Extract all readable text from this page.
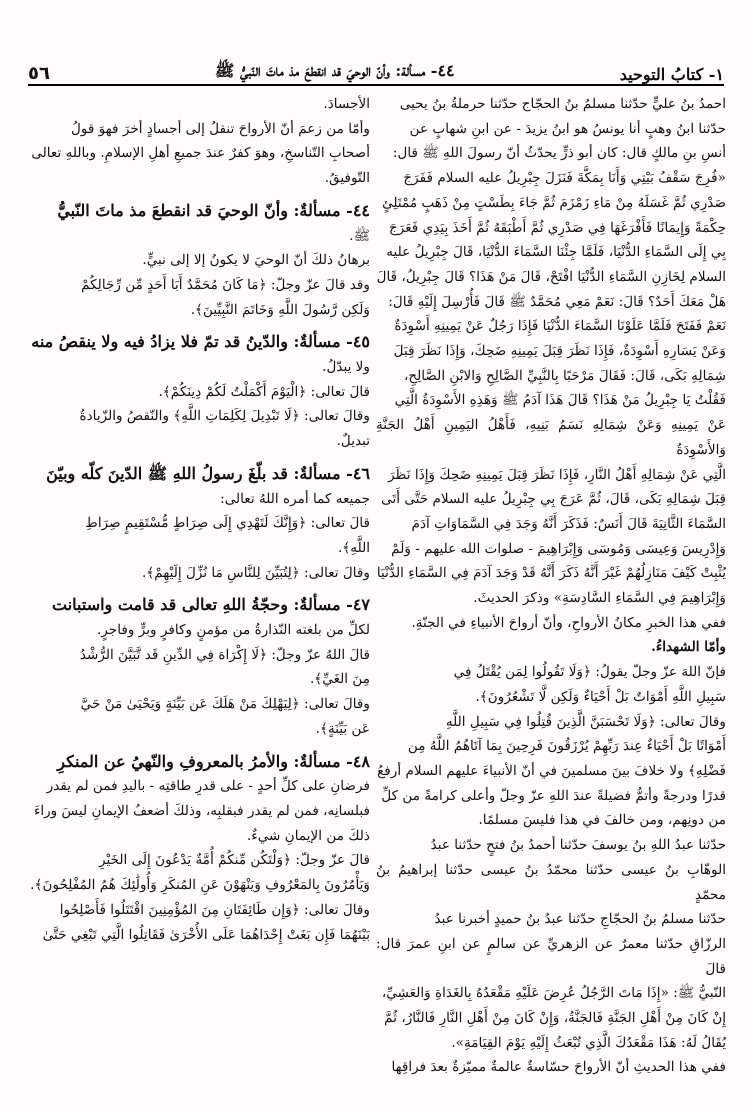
١- كتابُ التوحيد
٤٤- مسألة: وأنّ الوحيَ قد انقطعَ مذ ماتَ النّبيُّ ﷺ
٥٦

احمدُ بنُ عليٍّ حدّثنا مسلمُ بنُ الحجّاج حدّثنا حرملةُ بنُ يحيى

حدّثنا ابنُ وهبٍ أنا يونسُ هو ابنُ يزيدَ - عن ابنِ شهابٍ عن

أنسِ بنِ مالكٍ قال: كان أبو ذرٍّ يحدّثُ أنّ رسولَ اللهِ ﷺ قال:

«فُرِجَ سَقْفُ بَيْتِي وَأَنَا بِمَكَّةَ فَنَزَلَ جِبْرِيلُ عليه السلام فَفَرَجَ

صَدْرِي ثُمَّ غَسَلَهُ مِنْ مَاءِ زَمْزَمَ ثُمَّ جَاءَ بِطَسْتٍ مِنْ ذَهَبٍ مُمْتَلِئٍ

حِكْمَةً وَإِيمَانًا فَأَفْرَغَهَا فِي صَدْرِي ثُمَّ أَطْبَقَهُ ثُمَّ أَخَذَ بِيَدِي فَعَرَجَ

بِي إِلَى السَّمَاءِ الدُّنْيَا، فَلَمَّا جِئْنَا السَّمَاءَ الدُّنْيَا، قَالَ جِبْرِيلُ عليه

السلام لِخَازِنِ السَّمَاءِ الدُّنْيَا افْتَحْ، قَالَ مَنْ هَذَا؟ قَالَ جِبْرِيلُ، قَالَ

هَلْ مَعَكَ أَحَدٌ؟ قَالَ: نَعَمْ مَعِي مُحَمَّدٌ ﷺ قَالَ فَأُرْسِلَ إِلَيْهِ قَالَ:

نَعَمْ فَفَتَحَ فَلَمَّا عَلَوْنَا السَّمَاءَ الدُّنْيَا فَإِذَا رَجُلٌ عَنْ يَمِينِهِ أَسْوِدَةٌ

وَعَنْ يَسَارِهِ أَسْوِدَةٌ، فَإِذَا نَظَرَ قِبَلَ يَمِينِهِ ضَحِكَ، وَإِذَا نَظَرَ قِبَلَ

شِمَالِهِ بَكَى، قَالَ: فَقَالَ مَرْحَبًا بِالنَّبِيِّ الصَّالِحِ وَالابْنِ الصَّالِحِ،

فَقُلْتُ يَا جِبْرِيلُ مَنْ هَذَا؟ قَالَ هَذَا آدَمُ ﷺ وَهَذِهِ الأَسْوِدَةُ الَّتِي

عَنْ يَمِينِهِ وَعَنْ شِمَالِهِ نَسَمُ بَنِيهِ، فَأَهْلُ اليَمِينِ أَهْلُ الجَنَّةِ وَالأَسْوِدَةُ

الَّتِي عَنْ شِمَالِهِ أَهْلُ النَّارِ، فَإِذَا نَظَرَ قِبَلَ يَمِينِهِ ضَحِكَ وَإِذَا نَظَرَ

قِبَلَ شِمَالِهِ بَكَى، قَالَ، ثُمَّ عَرَجَ بِي جِبْرِيلُ عليه السلام حَتَّى أَتَى

السَّمَاءَ الثَّانِيَةَ قَالَ أَنَسٌ: فَذَكَرَ أَنَّهُ وَجَدَ فِي السَّمَاوَاتِ آدَمَ

وَإِدْرِيسَ وَعِيسَى وَمُوسَى وَإِبْرَاهِيمَ - صلوات الله عليهم - وَلَمْ

يُثْبِتْ كَيْفَ مَنَازِلُهُمْ غَيْرَ أَنَّهُ ذَكَرَ أَنَّهُ قَدْ وَجَدَ آدَمَ فِي السَّمَاءِ الدُّنْيَا

وَإِبْرَاهِيمَ فِي السَّمَاءِ السَّادِسَةِ» وذكرَ الحديثَ.

ففي هذا الخبرِ مكانُ الأرواحِ، وأنّ أرواحَ الأنبياءِ في الجنّةِ.

وأمّا الشهداءُ.

فإنّ اللهَ عزّ وجلّ يقولُ: ﴿وَلَا تَقُولُوا لِمَن يُقْتَلُ فِي

سَبِيلِ اللَّهِ أَمْوَاتٌ بَلْ أَحْيَاءٌ وَلَكِن لَّا تَشْعُرُونَ﴾.

وقالَ تعالى: ﴿وَلَا تَحْسَبَنَّ الَّذِينَ قُتِلُوا فِي سَبِيلِ اللَّهِ

أَمْوَاتًا بَلْ أَحْيَاءٌ عِندَ رَبِّهِمْ يُرْزَقُونَ فَرِحِينَ بِمَا آتَاهُمُ اللَّهُ مِن

فَضْلِهِ﴾ ولا خلافَ بينَ مسلمينَ في أنّ الأنبياءَ عليهم السلام أرفعُ

قدرًا ودرجةً وأتمُّ فضيلةً عندَ اللهِ عزّ وجلّ وأعلى كرامةً من كلِّ

من دونِهم، ومن خالفَ في هذا فليسَ مسلمًا.

حدّثنا عبدُ اللهِ بنُ يوسفَ حدّثنا أحمدُ بنُ فتحٍ حدّثنا عبدُ

الوهّابِ بنُ عيسى حدّثنا محمّدُ بنُ عيسى حدّثنا إبراهيمُ بنُ محمّدٍ

حدّثنا مسلمُ بنُ الحجّاجِ حدّثنا عبدُ بنُ حميدٍ أخبرنا عبدُ

الرزّاقِ حدّثنا معمرٌ عن الزهريِّ عن سالمٍ عن ابنِ عمرَ قال: قالَ

النّبيُّ ﷺ: «إِذَا مَاتَ الرَّجُلُ عُرِضَ عَلَيْهِ مَقْعَدُهُ بِالغَدَاةِ وَالعَشِيِّ،

إِنْ كَانَ مِنْ أَهْلِ الجَنَّةِ فَالجَنَّةُ، وَإِنْ كَانَ مِنْ أَهْلِ النَّارِ فَالنَّارُ، ثُمَّ

يُقَالُ لَهُ: هَذَا مَقْعَدُكَ الَّذِي تُبْعَثُ إِلَيْهِ يَوْمَ القِيَامَةِ».

ففي هذا الحديثِ أنّ الأرواحَ حسّاسةٌ عالمةٌ مميّزةٌ بعدَ فراقِها

الأجسادَ.

وأمّا من زعمَ أنّ الأرواحَ تنقلُ إلى أجسادٍ أخرَ فهوَ قولُ

أصحابِ التّناسخِ، وهوَ كفرٌ عندَ جميعِ أهلِ الإسلامِ. وباللهِ تعالى

التّوفيقُ.

٤٤- مسألةٌ: وأنّ الوحيَ قد انقطعَ مذ ماتَ النّبيُّ

ﷺ.

برهانُ ذلكَ أنّ الوحيَ لا يكونُ إلا إلى نبيٍّ.

وقد قالَ عزّ وجلّ: ﴿مَا كَانَ مُحَمَّدٌ أَبَا أَحَدٍ مِّن رِّجَالِكُمْ

وَلَكِن رَّسُولَ اللَّهِ وَخَاتَمَ النَّبِيِّينَ﴾.

٤٥- مسألةٌ: والدّينُ قد تمّ فلا يزادُ فيه ولا ينقصُ منه

ولا يبدّلُ.

قالَ تعالى: ﴿الْيَوْمَ أَكْمَلْتُ لَكُمْ دِينَكُمْ﴾.

وقالَ تعالى: ﴿لَا تَبْدِيلَ لِكَلِمَاتِ اللَّهِ﴾ والنّقصُ والزّيادةُ

تبديلٌ.

٤٦- مسألةٌ: قد بلّغَ رسولُ اللهِ ﷺ الدّينَ كلّه وبيّنَ

جميعه كما أمره اللهُ تعالى:

قالَ تعالى: ﴿وَإِنَّكَ لَتَهْدِي إِلَى صِرَاطٍ مُّسْتَقِيمٍ صِرَاطِ

اللَّهِ﴾.

وقالَ تعالى: ﴿لِتُبَيِّنَ لِلنَّاسِ مَا نُزِّلَ إِلَيْهِمْ﴾.

٤٧- مسألةٌ: وحجّةُ اللهِ تعالى قد قامت واستبانت

لكلِّ من بلغته النّذارةُ من مؤمنٍ وكافرٍ وبرٍّ وفاجرٍ.

قالَ اللهُ عزّ وجلّ: ﴿لَا إِكْرَاهَ فِي الدِّينِ قَد تَّبَيَّنَ الرُّشْدُ

مِنَ الغَيِّ﴾.

وقالَ تعالى: ﴿لِيَهْلِكَ مَنْ هَلَكَ عَن بَيِّنَةٍ وَيَحْيَىٰ مَنْ حَيَّ

عَن بَيِّنَةٍ﴾.

٤٨- مسألةٌ: والأمرُ بالمعروفِ والنّهيُ عن المنكرِ

فرضانِ على كلِّ أحدٍ - على قدرِ طاقتِه - باليدِ فمن لم يقدر

فبلسانِه، فمن لم يقدر فبقلبِه، وذلكَ أضعفُ الإيمانِ ليسَ وراءَ

ذلكَ من الإيمانِ شيءٌ.

قالَ عزّ وجلّ: ﴿وَلْتَكُن مِّنكُمْ أُمَّةٌ يَدْعُونَ إِلَى الخَيْرِ

وَيَأْمُرُونَ بِالمَعْرُوفِ وَيَنْهَوْنَ عَنِ المُنكَرِ وَأُولَٰئِكَ هُمُ المُفْلِحُونَ﴾.

وقالَ تعالى: ﴿وَإِن طَائِفَتَانِ مِنَ المُؤْمِنِينَ اقْتَتَلُوا فَأَصْلِحُوا

بَيْنَهُمَا فَإِن بَغَتْ إِحْدَاهُمَا عَلَى الأُخْرَىٰ فَقَاتِلُوا الَّتِي تَبْغِي حَتَّىٰ
